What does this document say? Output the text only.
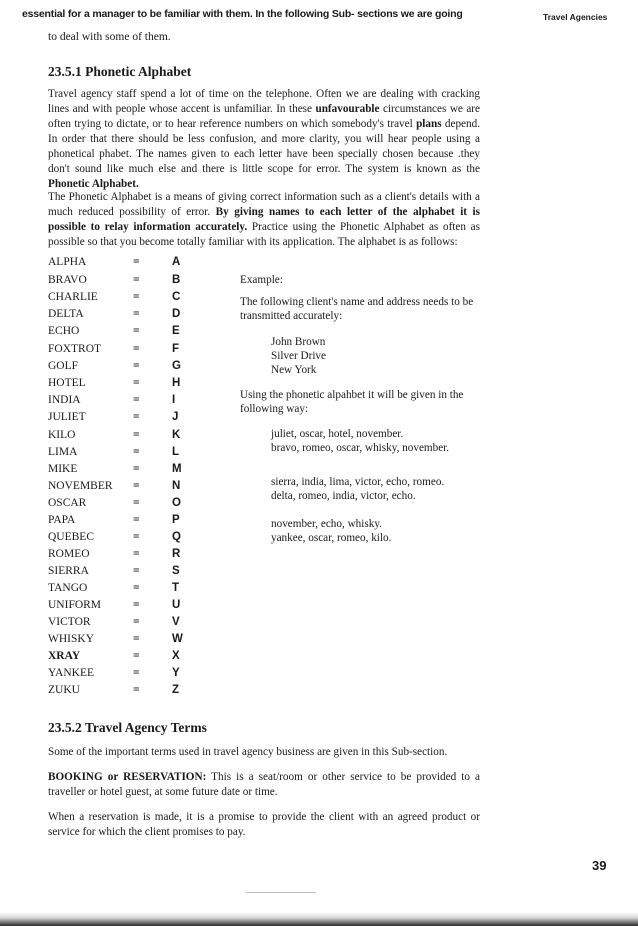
essential for a manager to be familiar with them. In the following Sub- sections we are going
to deal with some of them.
Travel Agencies
23.5.1 Phonetic Alphabet
Travel agency staff spend a lot of time on the telephone. Often we are dealing with cracking lines and with people whose accent is unfamiliar. In these unfavourable circumstances we are often trying to dictate, or to hear reference numbers on which somebody's travel plans depend. In order that there should be less confusion, and more clarity, you will hear people using a phonetical phabet. The names given to each letter have been specially chosen because .they don't sound like much else and there is little scope for error. The system is known as the Phonetic Alphabet.
The Phonetic Alphabet is a means of giving correct information such as a client's details with a much reduced possibility of error. By giving names to each letter of the alphabet it is possible to relay information accurately. Practice using the Phonetic Alphabet as often as possible so that you become totally familiar with its application. The alphabet is as follows:
ALPHA	=	A
BRAVO	=	B
CHARLIE	=	C
DELTA	=	D
ECHO	=	E
FOXTROT	=	F
GOLF	=	G
HOTEL	=	H
INDIA	=	I
JULIET	=	J
KILO	=	K
LIMA	=	L
MIKE	=	M
NOVEMBER =	N
OSCAR	=	O
PAPA	=	P
QUEBEC	=	Q
ROMEO	=	R
SIERRA	=	S
TANGO	=	T
UNIFORM	=	U
VICTOR	=	V
WHISKY	=	W
XRAY	=	X
YANKEE	=	Y
ZUKU	=	Z
Example:
The following client's name and address needs to be transmitted accurately:
John Brown
Silver Drive
New York
Using the phonetic alpahbet it will be given in the following way:
juliet, oscar, hotel, november.
bravo, romeo, oscar, whisky, november.
sierra, india, lima, victor, echo, romeo.
delta, romeo, india, victor, echo.
november, echo, whisky.
yankee, oscar, romeo, kilo.
23.5.2 Travel Agency Terms
Some of the important terms used in travel agency business are given in this Sub-section.
BOOKING or RESERVATION: This is a seat/room or other service to be provided to a traveller or hotel guest, at some future date or time.
When a reservation is made, it is a promise to provide the client with an agreed product or service for which the client promises to pay.
39
